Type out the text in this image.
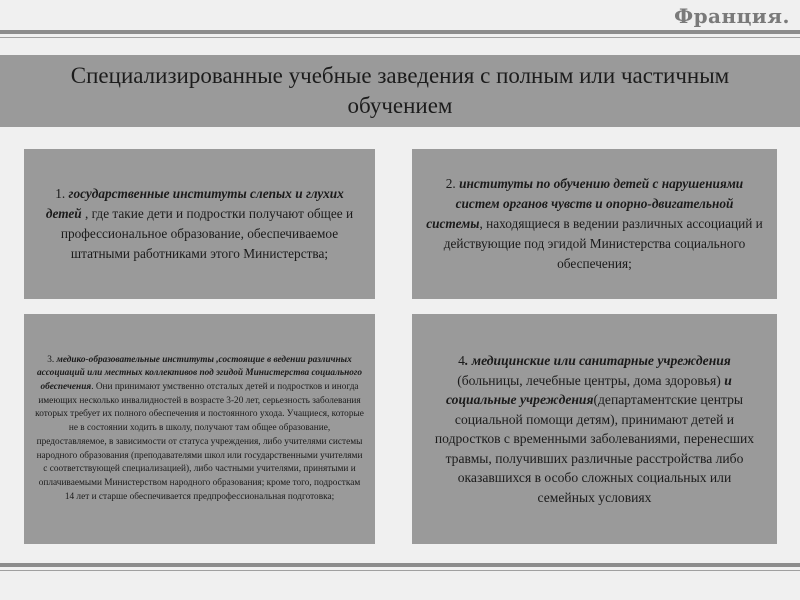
Франция.
Специализированные учебные заведения с полным или частичным обучением
1. государственные институты слепых и глухих детей , где такие дети и подростки получают общее и профессиональное образование, обеспечиваемое штатными работниками этого Министерства;
2. институты по обучению детей с нарушениями систем органов чувств и опорно-двигательной системы, находящиеся в ведении различных ассоциаций и действующие под эгидой Министерства социального обеспечения;
3. медико-образовательные институты ,состоящие в ведении различных ассоциаций или местных коллективов под эгидой Министерства социального обеспечения. Они принимают умственно отсталых детей и подростков и иногда имеющих несколько инвалидностей в возрасте 3-20 лет, серьезность заболевания которых требует их полного обеспечения и постоянного ухода. Учащиеся, которые не в состоянии ходить в школу, получают там общее образование, предоставляемое, в зависимости от статуса учреждения, либо учителями системы народного образования (преподавателями школ или государственными учителями с соответствующей специализацией), либо частными учителями, принятыми и оплачиваемыми Министерством народного образования; кроме того, подросткам 14 лет и старше обеспечивается предпрофессиональная подготовка;
4. медицинские или санитарные учреждения (больницы, лечебные центры, дома здоровья) и социальные учреждения(департаментские центры социальной помощи детям), принимают детей и подростков с временными заболеваниями, перенесших травмы, получивших различные расстройства либо оказавшихся в особо сложных социальных или семейных условиях
